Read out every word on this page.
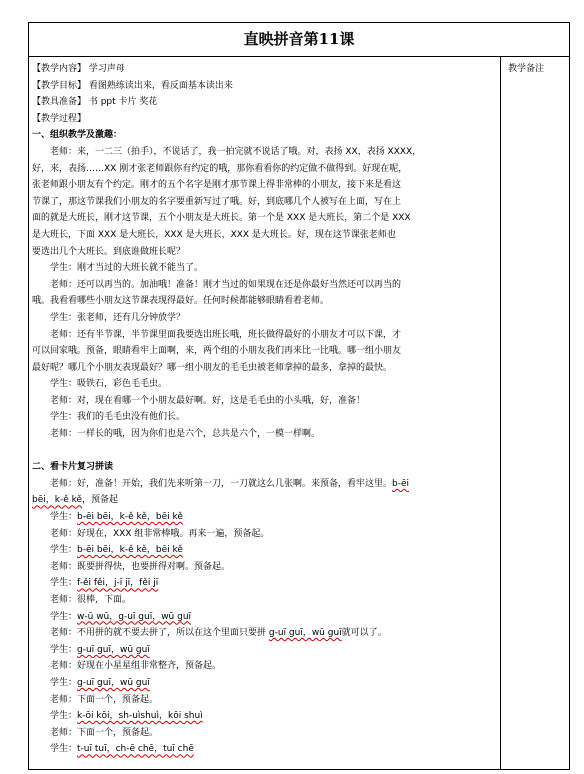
直映拼音第11课
教学备注
【教学内容】 学习声母
【教学目标】 看图熟练读出来，看反面基本读出来
【教具准备】 书 ppt 卡片 奖花
【教学过程】
一、组织教学及激趣：
老师：来，一二三（拍手），不说话了，我一拍完就不说话了哦。对，表扬 XX，表扬 XXXX，
好，来，表扬……XX 刚才张老师跟你有约定的哦，那你看看你的约定做不做得到。好现在呢，
张老师跟小朋友有个约定。刚才的五个名字是刚才那节课上得非常棒的小朋友，接下来是看这
节课了，那这节课我们小朋友的名字要重新写过了哦。好，到底哪几个人被写在上面，写在上
面的就是大班长，刚才这节课，五个小朋友是大班长。第一个是 XXX 是大班长，第二个是 XXX
是大班长，下面 XXX 是大班长，XXX 是大班长，XXX 是大班长。好，现在这节课张老师也
要选出几个大班长。到底谁做班长呢？
学生：刚才当过的大班长就不能当了。
老师：还可以再当的。加油哦！准备！刚才当过的如果现在还是你最好当然还可以再当的
哦。我看看哪些小朋友这节课表现得最好。任何时候都能够眼睛看着老师。
学生：张老师，还有几分钟放学？
老师：还有半节课，半节课里面我要选出班长哦，班长做得最好的小朋友才可以下课，才
可以回家哦。预备，眼睛看牢上面啊，来，两个组的小朋友我们再来比一比哦。哪一组小朋友
最好呢？哪几个小朋友表现最好？哪一组小朋友的毛毛虫被老师拿掉的最多，拿掉的最快。
学生：吸铁石，彩色毛毛虫。
老师：对，现在看哪一个小朋友最好啊。好，这是毛毛虫的小头哦，好，准备！
学生：我们的毛毛虫没有他们长。
老师：一样长的哦，因为你们也是六个，总共是六个，一模一样啊。
二、看卡片复习拼读
老师：好，准备！开始，我们先来听第一刀，一刀就这么几张啊。来预备，看牢这里。b-ēi
bēi，k-ě kě，预备起
学生：b-ēi bēi，k-ě kě，bēi kě
老师：好现在，XXX 组非常棒哦。再来一遍，预备起。
学生：b-ēi bēi，k-ě kě，bēi kě
老师：既要拼得快，也要拼得对啊。预备起。
学生：f-ěi fěi，j-ī jī，fěi jī
老师：很棒，下面。
学生：w-ū wū，g-uī guī，wū guī
老师：不用拼的就不要去拼了，所以在这个里面只要拼 g-uī guī，wū guī就可以了。
学生：g-uī guī，wū guī
老师：好现在小星星组非常整齐，预备起。
学生：g-uī guī，wū guī
老师：下面一个，预备起。
学生：k-ōi kōi，sh-uìshuì，kōi shuì
老师：下面一个，预备起。
学生：t-uī tuī，ch-ē chē，tuī chē
